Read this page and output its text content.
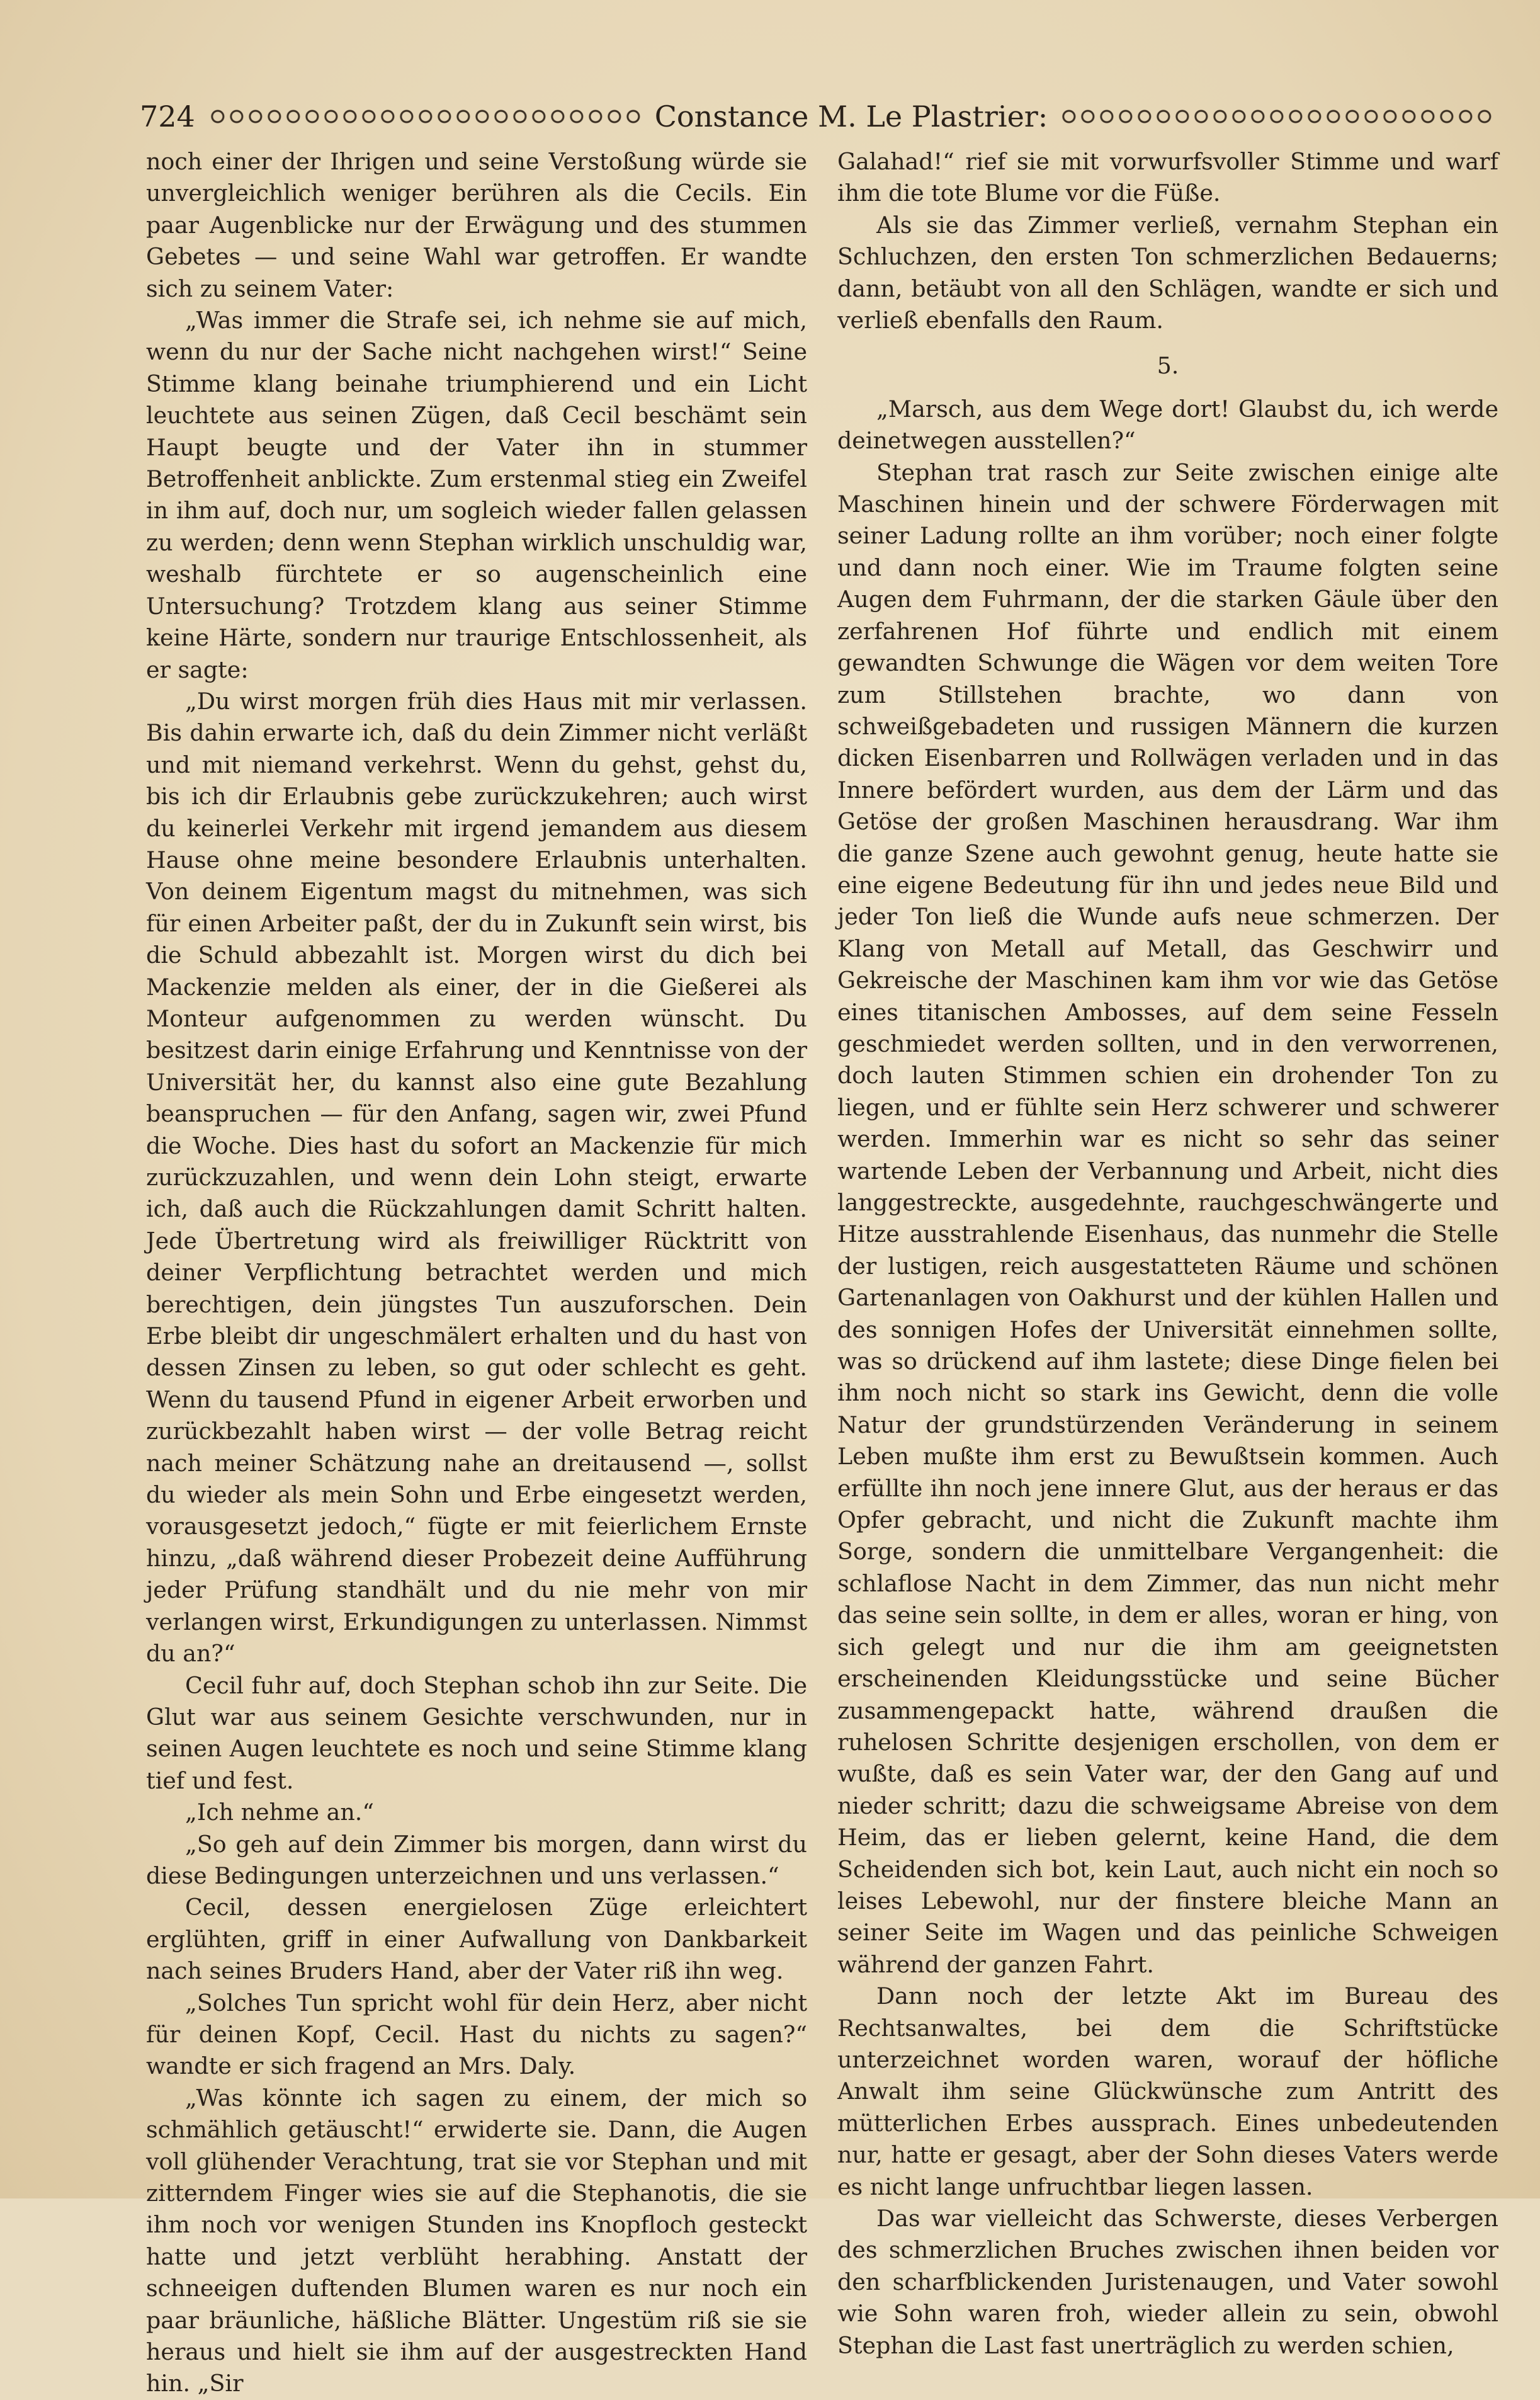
724	Constance M. Le Plastrier:

noch einer der Ihrigen und seine Verstoßung würde sie unvergleichlich weniger berühren als die Cecils. Ein paar Augenblicke nur der Erwägung und des stummen Gebetes — und seine Wahl war getroffen. Er wandte sich zu seinem Vater:

„Was immer die Strafe sei, ich nehme sie auf mich, wenn du nur der Sache nicht nachgehen wirst!“ Seine Stimme klang beinahe triumphierend und ein Licht leuchtete aus seinen Zügen, daß Cecil beschämt sein Haupt beugte und der Vater ihn in stummer Betroffenheit anblickte. Zum erstenmal stieg ein Zweifel in ihm auf, doch nur, um sogleich wieder fallen gelassen zu werden; denn wenn Stephan wirklich unschuldig war, weshalb fürchtete er so augenscheinlich eine Untersuchung? Trotzdem klang aus seiner Stimme keine Härte, sondern nur traurige Entschlossenheit, als er sagte:

„Du wirst morgen früh dies Haus mit mir verlassen. Bis dahin erwarte ich, daß du dein Zimmer nicht verläßt und mit niemand verkehrst. Wenn du gehst, gehst du, bis ich dir Erlaubnis gebe zurückzukehren; auch wirst du keinerlei Verkehr mit irgend jemandem aus diesem Hause ohne meine besondere Erlaubnis unterhalten. Von deinem Eigentum magst du mitnehmen, was sich für einen Arbeiter paßt, der du in Zukunft sein wirst, bis die Schuld abbezahlt ist. Morgen wirst du dich bei Mackenzie melden als einer, der in die Gießerei als Monteur aufgenommen zu werden wünscht. Du besitzest darin einige Erfahrung und Kenntnisse von der Universität her, du kannst also eine gute Bezahlung beanspruchen — für den Anfang, sagen wir, zwei Pfund die Woche. Dies hast du sofort an Mackenzie für mich zurückzuzahlen, und wenn dein Lohn steigt, erwarte ich, daß auch die Rückzahlungen damit Schritt halten. Jede Übertretung wird als freiwilliger Rücktritt von deiner Verpflichtung betrachtet werden und mich berechtigen, dein jüngstes Tun auszuforschen. Dein Erbe bleibt dir ungeschmälert erhalten und du hast von dessen Zinsen zu leben, so gut oder schlecht es geht. Wenn du tausend Pfund in eigener Arbeit erworben und zurückbezahlt haben wirst — der volle Betrag reicht nach meiner Schätzung nahe an dreitausend —, sollst du wieder als mein Sohn und Erbe eingesetzt werden, vorausgesetzt jedoch,“ fügte er mit feierlichem Ernste hinzu, „daß während dieser Probezeit deine Aufführung jeder Prüfung standhält und du nie mehr von mir verlangen wirst, Erkundigungen zu unterlassen. Nimmst du an?“

Cecil fuhr auf, doch Stephan schob ihn zur Seite. Die Glut war aus seinem Gesichte verschwunden, nur in seinen Augen leuchtete es noch und seine Stimme klang tief und fest.

„Ich nehme an.“

„So geh auf dein Zimmer bis morgen, dann wirst du diese Bedingungen unterzeichnen und uns verlassen.“

Cecil, dessen energielosen Züge erleichtert erglühten, griff in einer Aufwallung von Dankbarkeit nach seines Bruders Hand, aber der Vater riß ihn weg.

„Solches Tun spricht wohl für dein Herz, aber nicht für deinen Kopf, Cecil. Hast du nichts zu sagen?“ wandte er sich fragend an Mrs. Daly.

„Was könnte ich sagen zu einem, der mich so schmählich getäuscht!“ erwiderte sie. Dann, die Augen voll glühender Verachtung, trat sie vor Stephan und mit zitterndem Finger wies sie auf die Stephanotis, die sie ihm noch vor wenigen Stunden ins Knopfloch gesteckt hatte und jetzt verblüht herabhing. Anstatt der schneeigen duftenden Blumen waren es nur noch ein paar bräunliche, häßliche Blätter. Ungestüm riß sie sie heraus und hielt sie ihm auf der ausgestreckten Hand hin. „Sir

Galahad!“ rief sie mit vorwurfsvoller Stimme und warf ihm die tote Blume vor die Füße.

Als sie das Zimmer verließ, vernahm Stephan ein Schluchzen, den ersten Ton schmerzlichen Bedauerns; dann, betäubt von all den Schlägen, wandte er sich und verließ ebenfalls den Raum.

5.

„Marsch, aus dem Wege dort! Glaubst du, ich werde deinetwegen ausstellen?“

Stephan trat rasch zur Seite zwischen einige alte Maschinen hinein und der schwere Förderwagen mit seiner Ladung rollte an ihm vorüber; noch einer folgte und dann noch einer. Wie im Traume folgten seine Augen dem Fuhrmann, der die starken Gäule über den zerfahrenen Hof führte und endlich mit einem gewandten Schwunge die Wägen vor dem weiten Tore zum Stillstehen brachte, wo dann von schweißgebadeten und russigen Männern die kurzen dicken Eisenbarren und Rollwägen verladen und in das Innere befördert wurden, aus dem der Lärm und das Getöse der großen Maschinen herausdrang. War ihm die ganze Szene auch gewohnt genug, heute hatte sie eine eigene Bedeutung für ihn und jedes neue Bild und jeder Ton ließ die Wunde aufs neue schmerzen. Der Klang von Metall auf Metall, das Geschwirr und Gekreische der Maschinen kam ihm vor wie das Getöse eines titanischen Ambosses, auf dem seine Fesseln geschmiedet werden sollten, und in den verworrenen, doch lauten Stimmen schien ein drohender Ton zu liegen, und er fühlte sein Herz schwerer und schwerer werden. Immerhin war es nicht so sehr das seiner wartende Leben der Verbannung und Arbeit, nicht dies langgestreckte, ausgedehnte, rauchgeschwängerte und Hitze ausstrahlende Eisenhaus, das nunmehr die Stelle der lustigen, reich ausgestatteten Räume und schönen Gartenanlagen von Oakhurst und der kühlen Hallen und des sonnigen Hofes der Universität einnehmen sollte, was so drückend auf ihm lastete; diese Dinge fielen bei ihm noch nicht so stark ins Gewicht, denn die volle Natur der grundstürzenden Veränderung in seinem Leben mußte ihm erst zu Bewußtsein kommen. Auch erfüllte ihn noch jene innere Glut, aus der heraus er das Opfer gebracht, und nicht die Zukunft machte ihm Sorge, sondern die unmittelbare Vergangenheit: die schlaflose Nacht in dem Zimmer, das nun nicht mehr das seine sein sollte, in dem er alles, woran er hing, von sich gelegt und nur die ihm am geeignetsten erscheinenden Kleidungsstücke und seine Bücher zusammengepackt hatte, während draußen die ruhelosen Schritte desjenigen erschollen, von dem er wußte, daß es sein Vater war, der den Gang auf und nieder schritt; dazu die schweigsame Abreise von dem Heim, das er lieben gelernt, keine Hand, die dem Scheidenden sich bot, kein Laut, auch nicht ein noch so leises Lebewohl, nur der finstere bleiche Mann an seiner Seite im Wagen und das peinliche Schweigen während der ganzen Fahrt.

Dann noch der letzte Akt im Bureau des Rechtsanwaltes, bei dem die Schriftstücke unterzeichnet worden waren, worauf der höfliche Anwalt ihm seine Glückwünsche zum Antritt des mütterlichen Erbes aussprach. Eines unbedeutenden nur, hatte er gesagt, aber der Sohn dieses Vaters werde es nicht lange unfruchtbar liegen lassen.

Das war vielleicht das Schwerste, dieses Verbergen des schmerzlichen Bruches zwischen ihnen beiden vor den scharfblickenden Juristenaugen, und Vater sowohl wie Sohn waren froh, wieder allein zu sein, obwohl Stephan die Last fast unerträglich zu werden schien,
